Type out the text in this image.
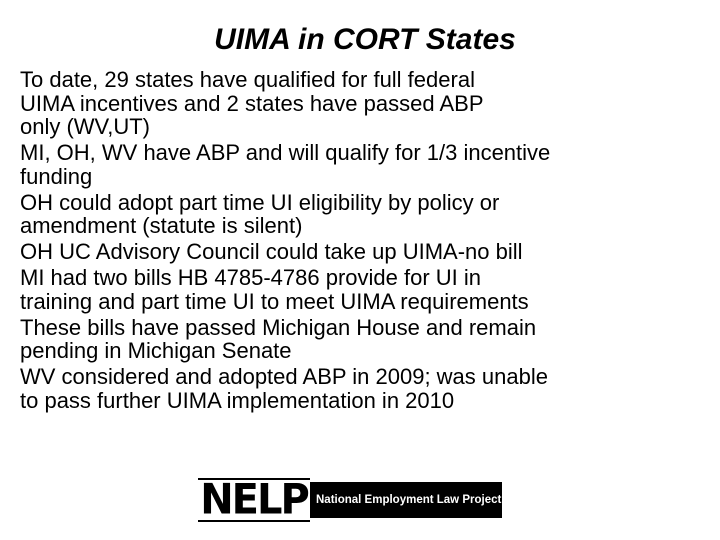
UIMA in CORT States
To date, 29 states have qualified for full federal
UIMA incentives and 2 states have passed ABP
only (WV,UT)
MI, OH, WV have ABP and will qualify for 1/3 incentive
funding
OH could adopt part time UI eligibility by policy or
amendment (statute is silent)
OH UC Advisory Council could take up UIMA-no bill
MI had two bills HB 4785-4786 provide for UI in
training and part time UI to meet UIMA requirements
These bills have passed Michigan House and remain
pending in Michigan Senate
WV considered and adopted ABP in 2009; was unable
to pass further UIMA implementation in 2010
NELP National Employment Law Project
